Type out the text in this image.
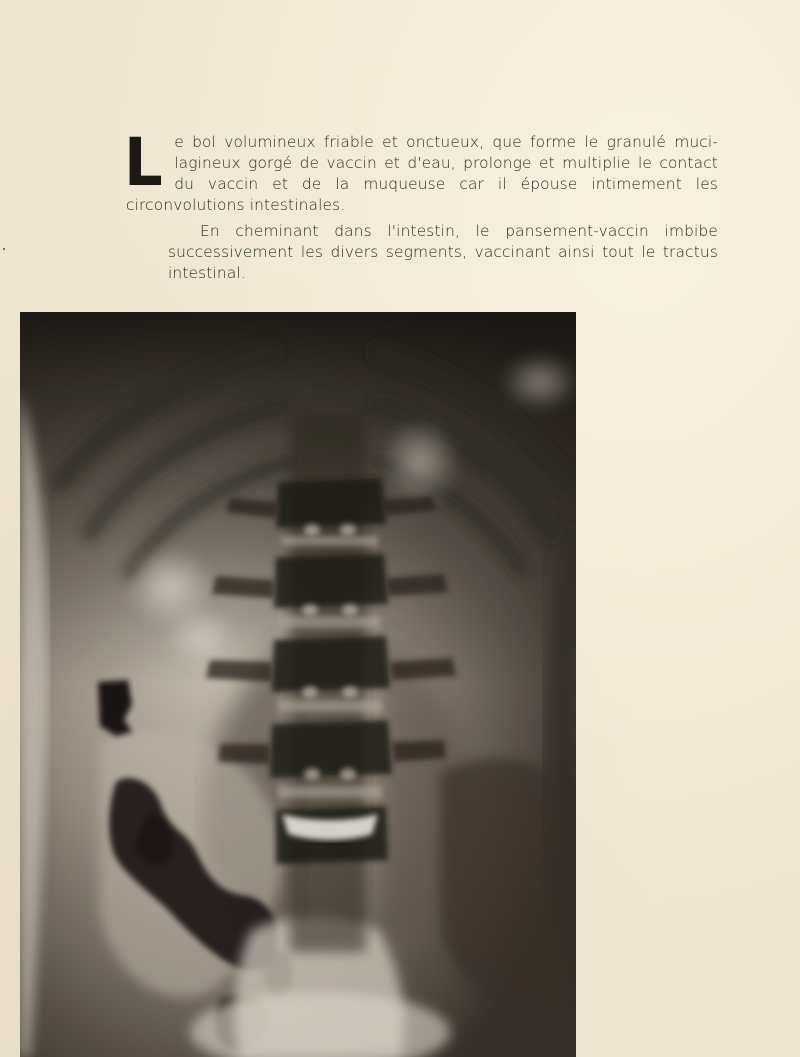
Le bol volumineux friable et onctueux, que forme le granulé muci-lagineux gorgé de vaccin et d'eau, prolonge et multiplie le contact du vaccin et de la muqueuse car il épouse intimement les circonvolutions intestinales.

En cheminant dans l'intestin, le pansement-vaccin imbibe successivement les divers segments, vaccinant ainsi tout le tractus intestinal.
